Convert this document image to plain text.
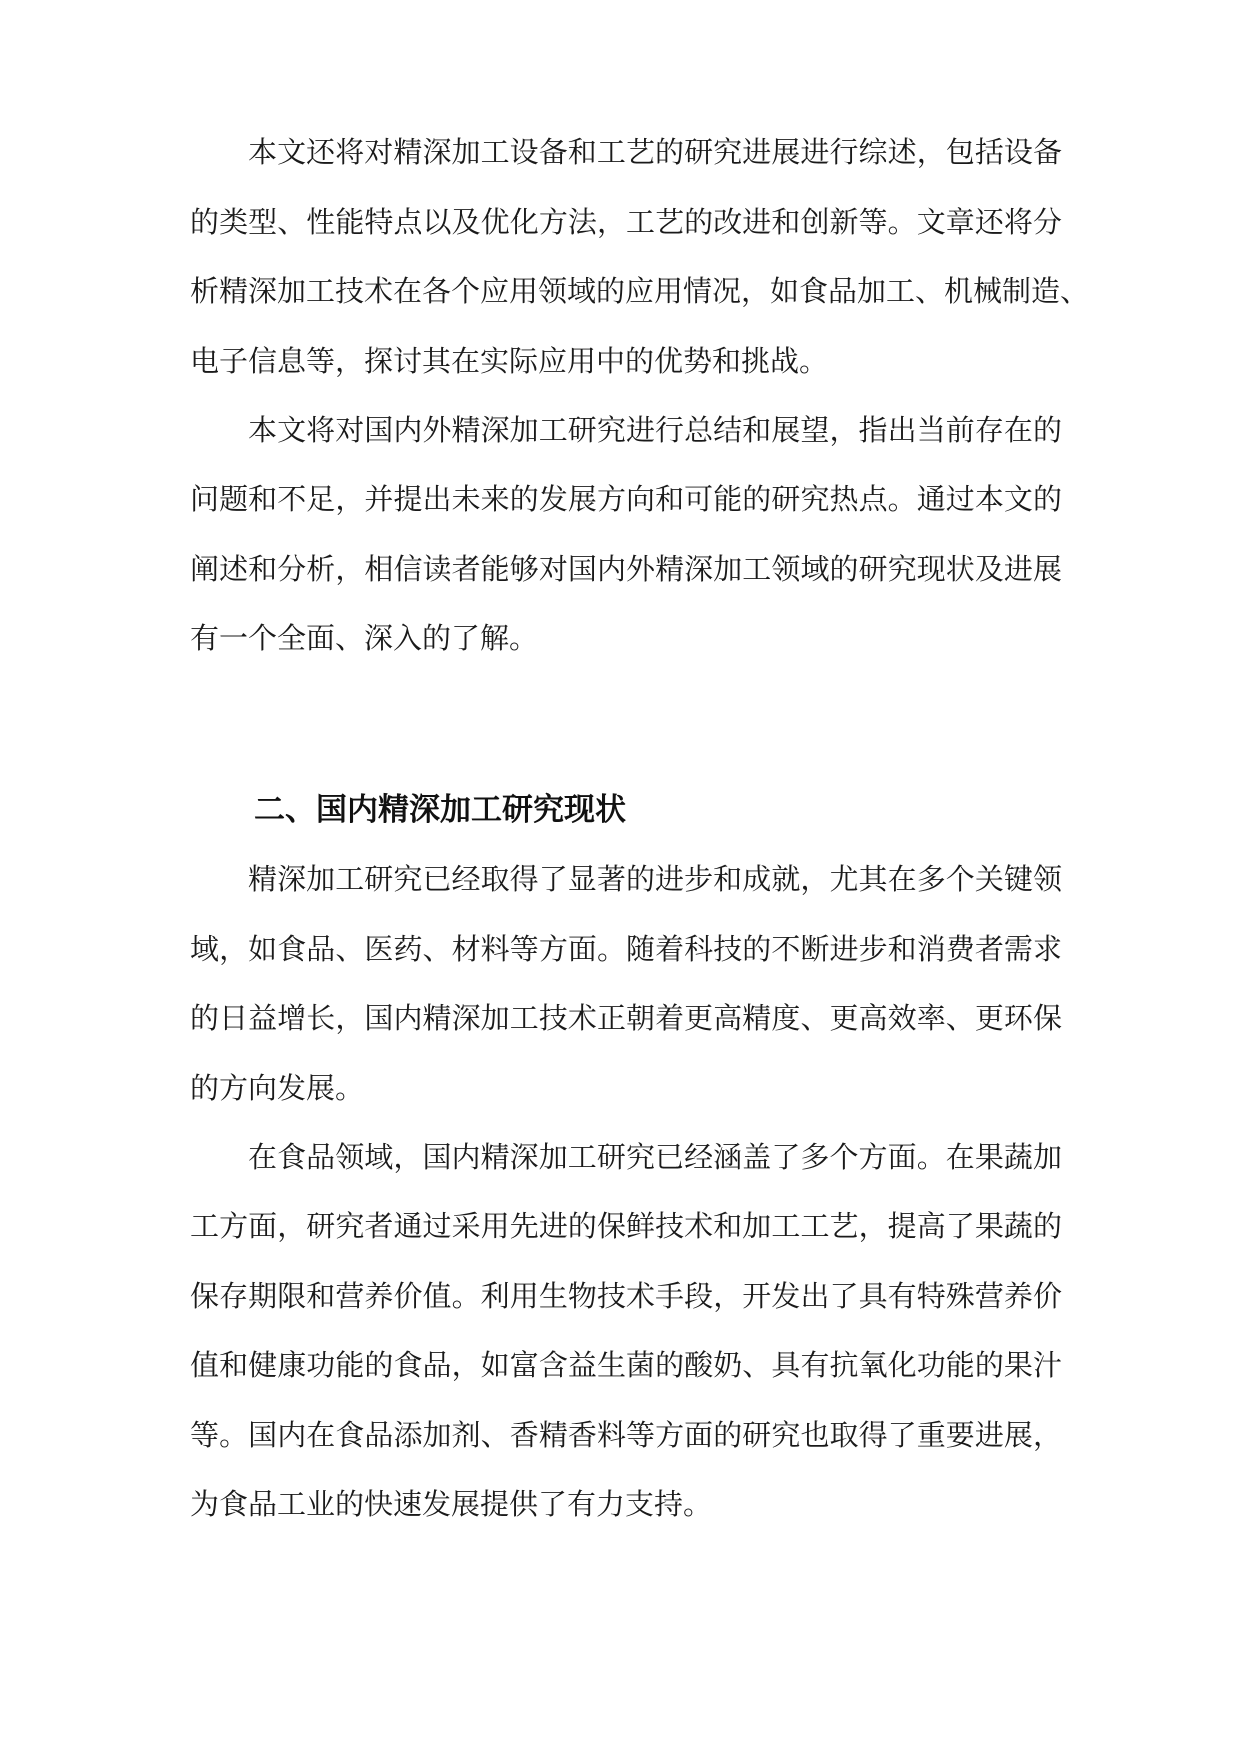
本文还将对精深加工设备和工艺的研究进展进行综述，包括设备
的类型、性能特点以及优化方法，工艺的改进和创新等。文章还将分
析精深加工技术在各个应用领域的应用情况，如食品加工、机械制造、
电子信息等，探讨其在实际应用中的优势和挑战。
本文将对国内外精深加工研究进行总结和展望，指出当前存在的
问题和不足，并提出未来的发展方向和可能的研究热点。通过本文的
阐述和分析，相信读者能够对国内外精深加工领域的研究现状及进展
有一个全面、深入的了解。
二、国内精深加工研究现状
精深加工研究已经取得了显著的进步和成就，尤其在多个关键领
域，如食品、医药、材料等方面。随着科技的不断进步和消费者需求
的日益增长，国内精深加工技术正朝着更高精度、更高效率、更环保
的方向发展。
在食品领域，国内精深加工研究已经涵盖了多个方面。在果蔬加
工方面，研究者通过采用先进的保鲜技术和加工工艺，提高了果蔬的
保存期限和营养价值。利用生物技术手段，开发出了具有特殊营养价
值和健康功能的食品，如富含益生菌的酸奶、具有抗氧化功能的果汁
等。国内在食品添加剂、香精香料等方面的研究也取得了重要进展，
为食品工业的快速发展提供了有力支持。
